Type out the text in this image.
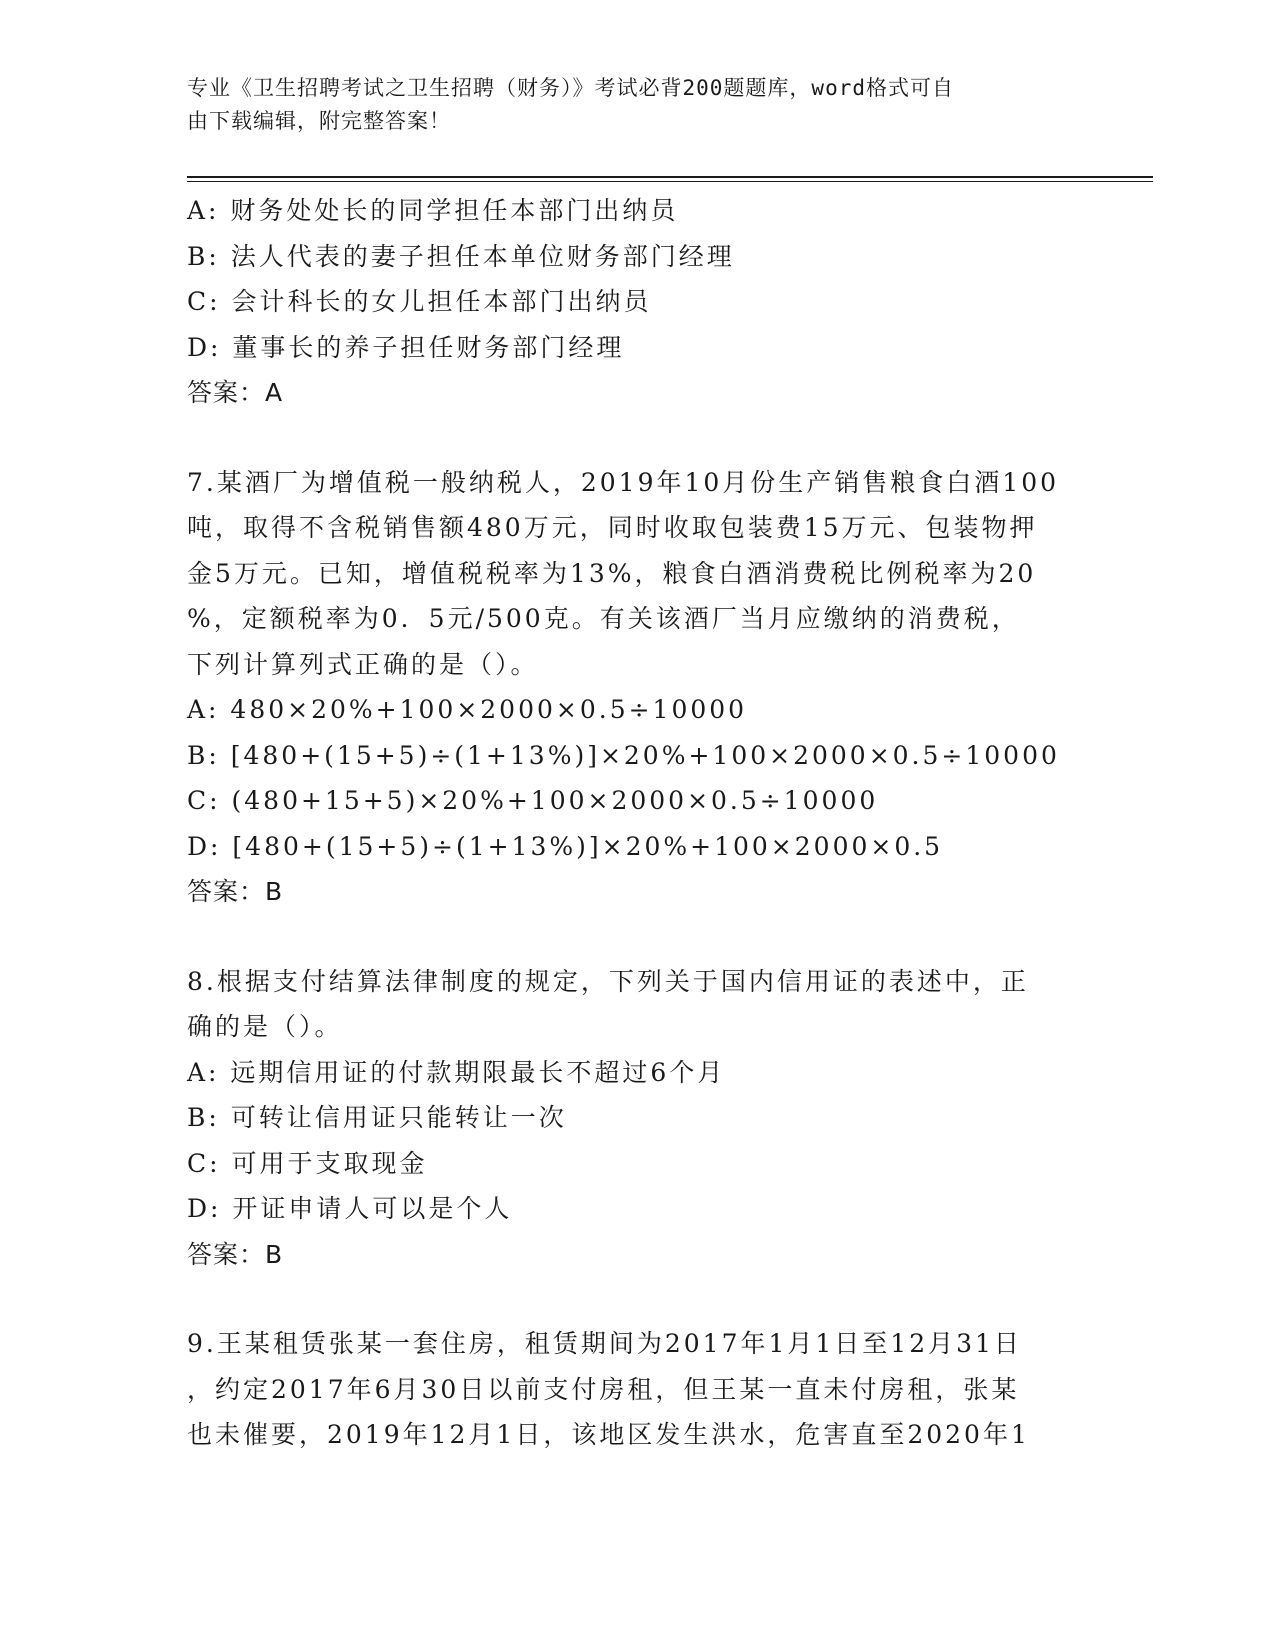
专业《卫生招聘考试之卫生招聘（财务）》考试必背200题题库，word格式可自
由下载编辑，附完整答案！
A: 财务处处长的同学担任本部门出纳员
B: 法人代表的妻子担任本单位财务部门经理
C: 会计科长的女儿担任本部门出纳员
D: 董事长的养子担任财务部门经理
答案：A
7.某酒厂为增值税一般纳税人，2019年10月份生产销售粮食白酒100
吨，取得不含税销售额480万元，同时收取包装费15万元、包装物押
金5万元。已知，增值税税率为13%，粮食白酒消费税比例税率为20
%，定额税率为0．5元/500克。有关该酒厂当月应缴纳的消费税，
下列计算列式正确的是（）。
A: 480×20%+100×2000×0.5÷10000
B: [480+(15+5)÷(1+13%)]×20%+100×2000×0.5÷10000
C: (480+15+5)×20%+100×2000×0.5÷10000
D: [480+(15+5)÷(1+13%)]×20%+100×2000×0.5
答案：B
8.根据支付结算法律制度的规定，下列关于国内信用证的表述中，正
确的是（）。
A: 远期信用证的付款期限最长不超过6个月
B: 可转让信用证只能转让一次
C: 可用于支取现金
D: 开证申请人可以是个人
答案：B
9.王某租赁张某一套住房，租赁期间为2017年1月1日至12月31日
，约定2017年6月30日以前支付房租，但王某一直未付房租，张某
也未催要，2019年12月1日，该地区发生洪水，危害直至2020年1
